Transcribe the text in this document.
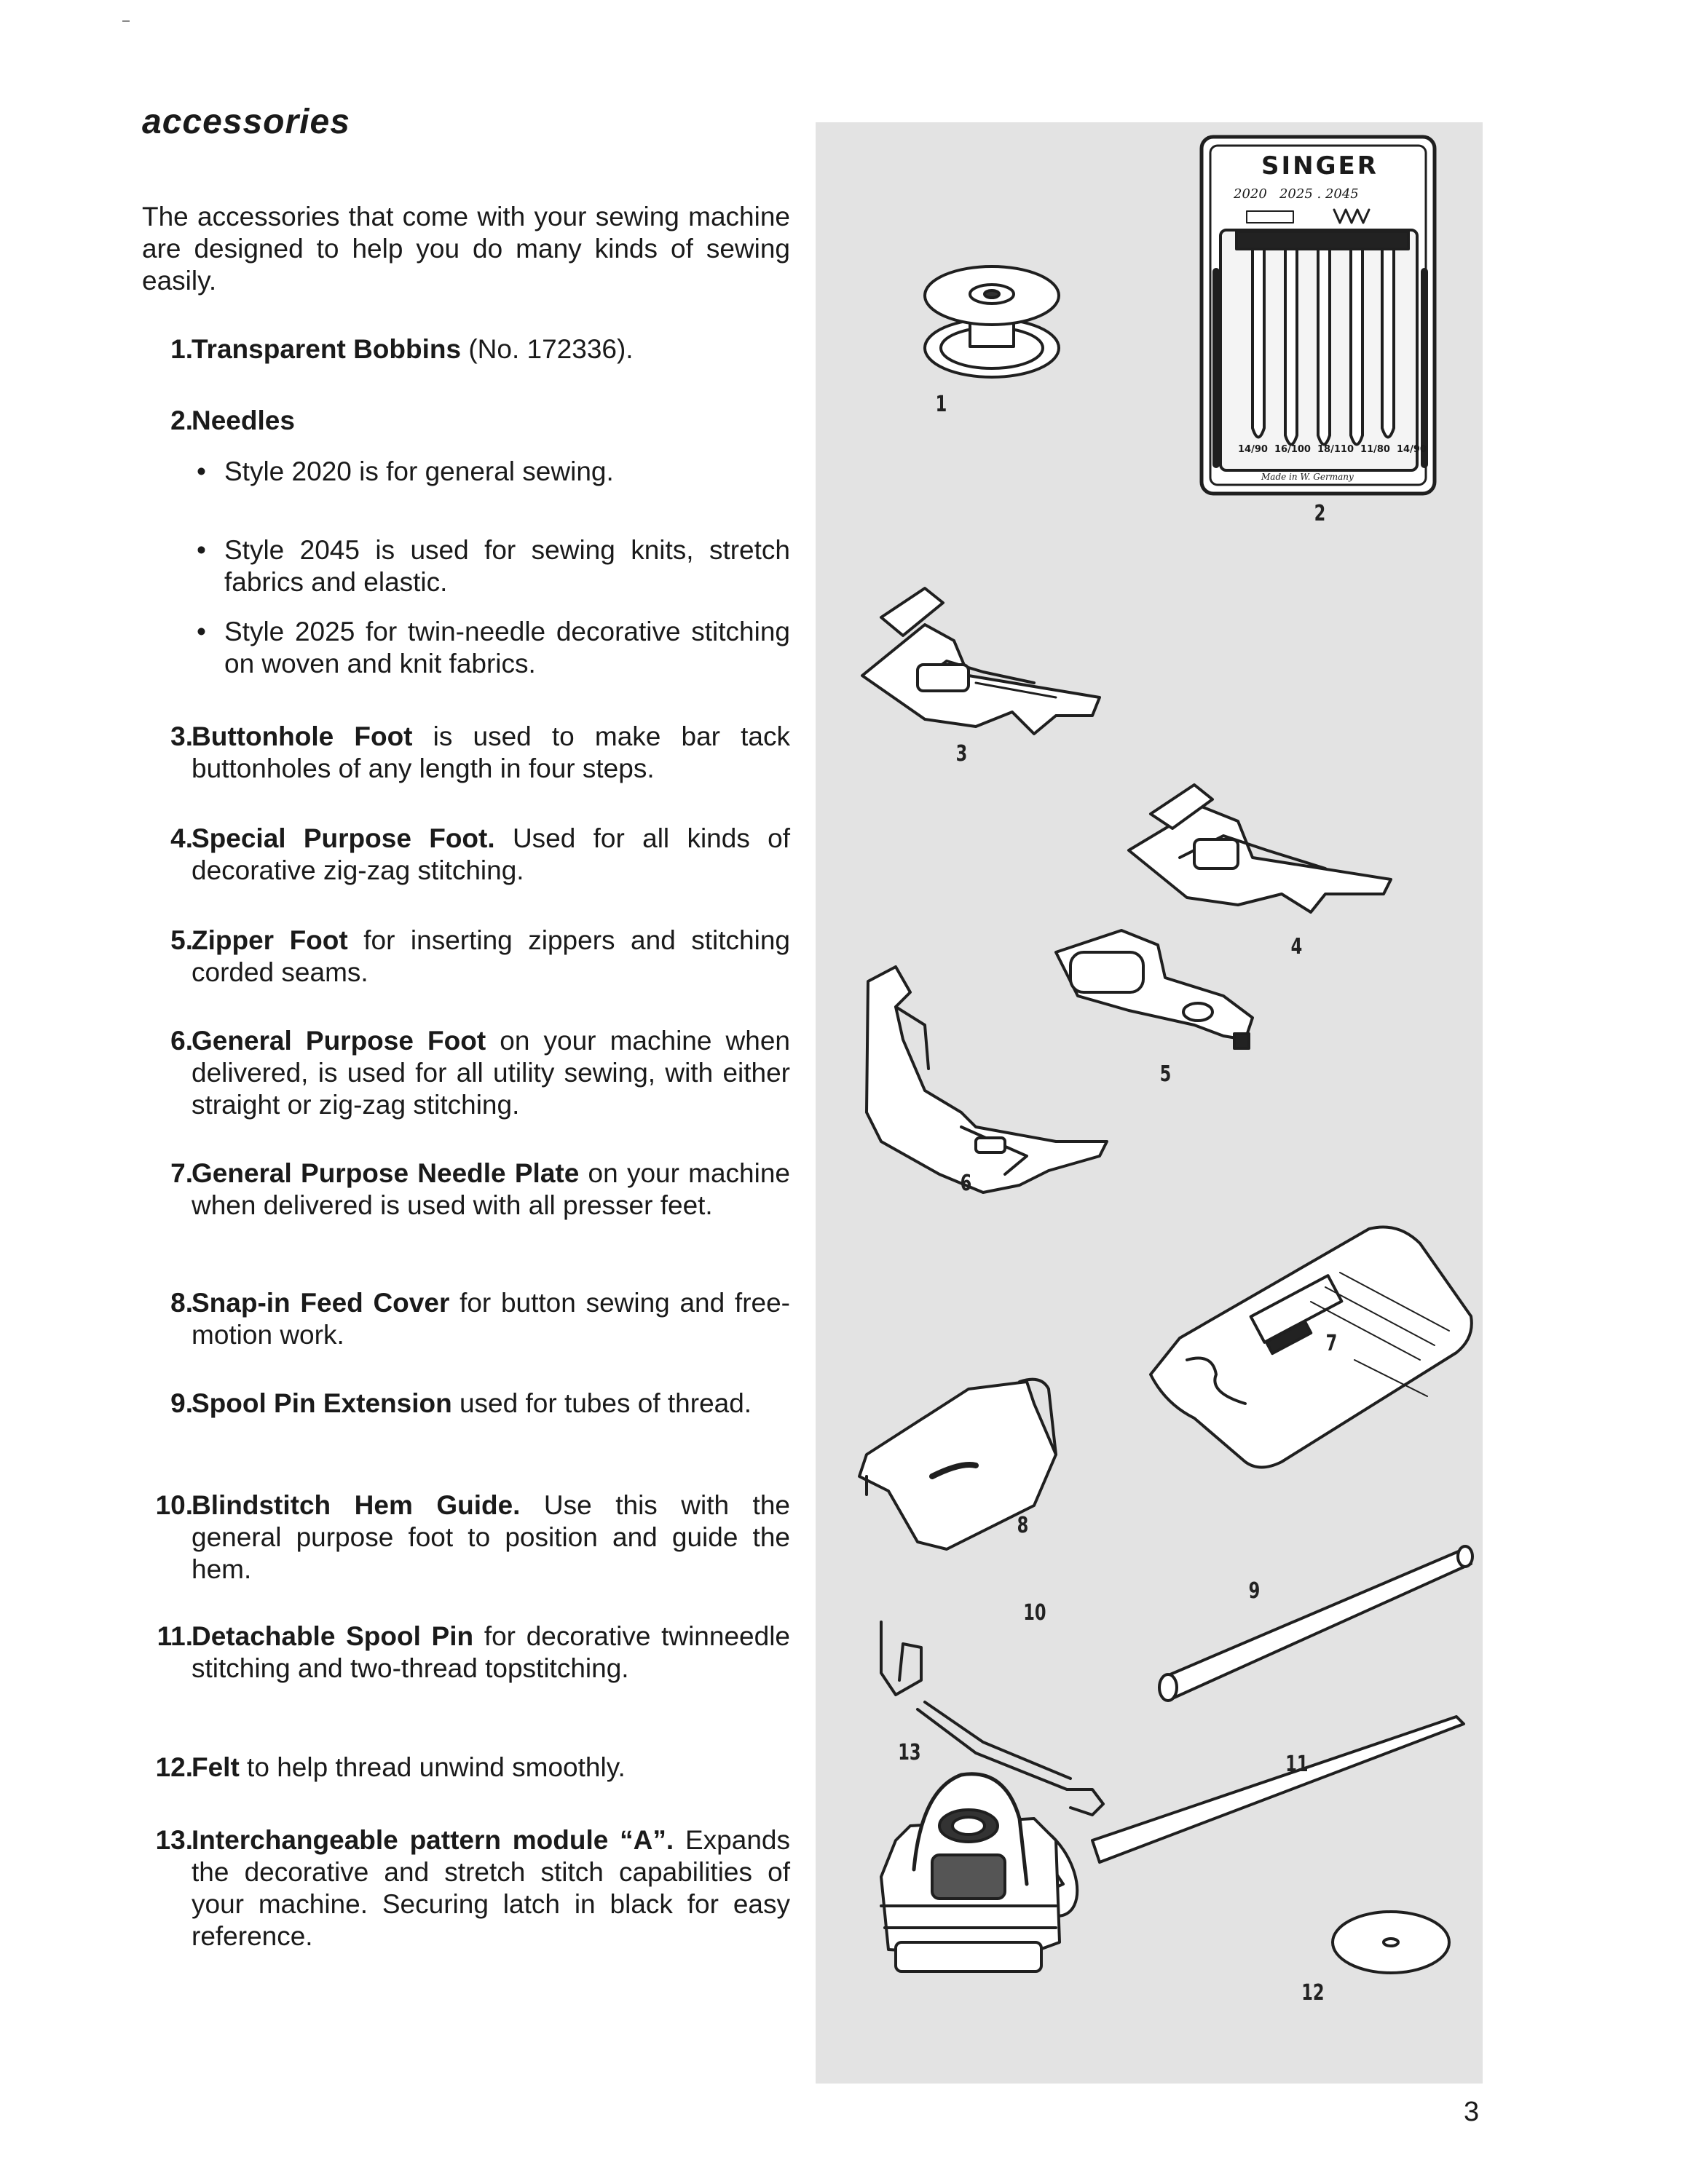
accessories
The accessories that come with your sewing machine are designed to help you do many kinds of sewing easily.
1.
Transparent Bobbins (No. 172336).
2.
Needles
• Style 2020 is for general sewing.
• Style 2045 is used for sewing knits, stretch fabrics and elastic.
• Style 2025 for twin-needle decorative stitching on woven and knit fabrics.
3.
Buttonhole Foot is used to make bar tack buttonholes of any length in four steps.
4.
Special Purpose Foot. Used for all kinds of decorative zig-zag stitching.
5.
Zipper Foot for inserting zippers and stitching corded seams.
6.
General Purpose Foot on your machine when delivered, is used for all utility sewing, with either straight or zig-zag stitching.
7.
General Purpose Needle Plate on your machine when delivered is used with all presser feet.
8.
Snap-in Feed Cover for button sewing and free-motion work.
9.
Spool Pin Extension used for tubes of thread.
10.
Blindstitch Hem Guide. Use this with the general purpose foot to position and guide the hem.
11.
Detachable Spool Pin for decorative twinneedle stitching and two-thread topstitching.
12.
Felt to help thread unwind smoothly.
13.
Interchangeable pattern module “A”. Expands the decorative and stretch stitch capabilities of your machine. Securing latch in black for easy reference.
1
2
3
4
5
6
7
8
9
10
11
12
13
SINGER
2020   2025 . 2045
14/90  16/100  18/110  11/80  14/90
Made in W. Germany
3
